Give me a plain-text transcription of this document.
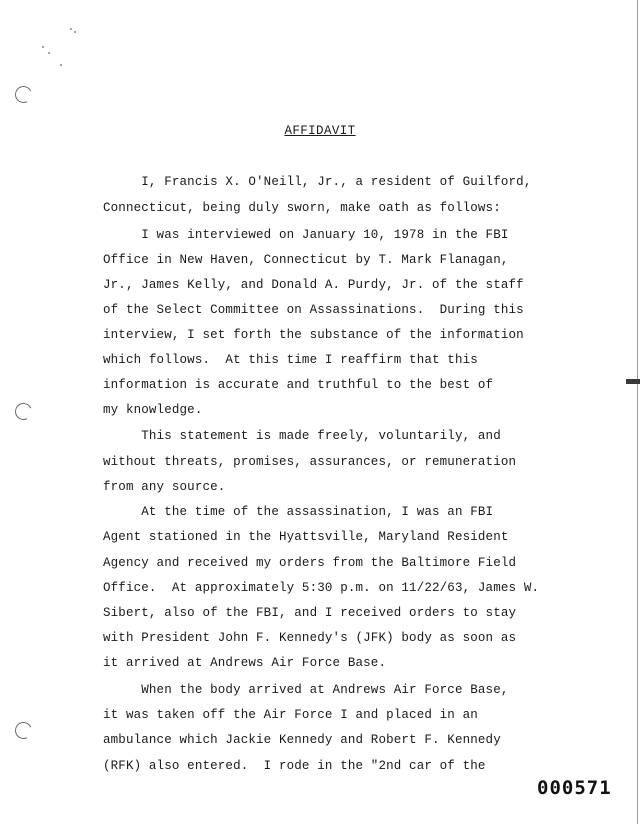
AFFIDAVIT
I, Francis X. O'Neill, Jr., a resident of Guilford,
Connecticut, being duly sworn, make oath as follows:
I was interviewed on January 10, 1978 in the FBI
Office in New Haven, Connecticut by T. Mark Flanagan,
Jr., James Kelly, and Donald A. Purdy, Jr. of the staff
of the Select Committee on Assassinations.  During this
interview, I set forth the substance of the information
which follows.  At this time I reaffirm that this
information is accurate and truthful to the best of
my knowledge.
This statement is made freely, voluntarily, and
without threats, promises, assurances, or remuneration
from any source.
At the time of the assassination, I was an FBI
Agent stationed in the Hyattsville, Maryland Resident
Agency and received my orders from the Baltimore Field
Office.  At approximately 5:30 p.m. on 11/22/63, James W.
Sibert, also of the FBI, and I received orders to stay
with President John F. Kennedy's (JFK) body as soon as
it arrived at Andrews Air Force Base.
When the body arrived at Andrews Air Force Base,
it was taken off the Air Force I and placed in an
ambulance which Jackie Kennedy and Robert F. Kennedy
(RFK) also entered.  I rode in the "2nd car of the
000571
